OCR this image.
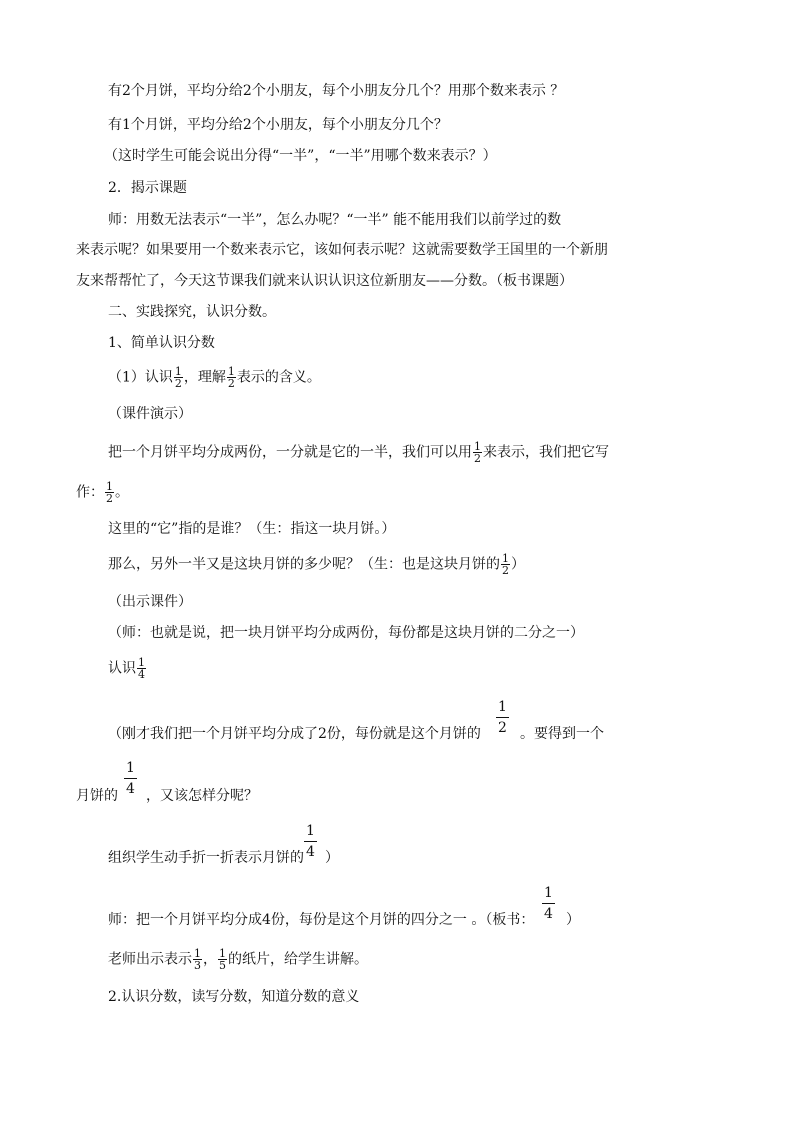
有2个月饼，平均分给2个小朋友，每个小朋友分几个？用那个数来表示 ？
有1个月饼，平均分给2个小朋友，每个小朋友分几个？
（这时学生可能会说出分得“一半”，“一半”用哪个数来表示？）
2．揭示课题
师：用数无法表示“一半”，怎么办呢？“一半” 能不能用我们以前学过的数
来表示呢？如果要用一个数来表示它，该如何表示呢？这就需要数学王国里的一个新朋
友来帮帮忙了，今天这节课我们就来认识认识这位新朋友——分数。（板书课题）
二、实践探究，认识分数。
1、简单认识分数
（1）认识 $\frac{1}{2}$ ，理解 $\frac{1}{2}$ 表示的含义。
（课件演示）
把一个月饼平均分成两份，一分就是它的一半，我们可以用 $\frac{1}{2}$ 来表示，我们把它写
作： $\frac{1}{2}$ 。
这里的“它”指的是谁？（生：指这一块月饼。）
那么，另外一半又是这块月饼的多少呢？（生：也是这块月饼的 $\frac{1}{2}$ ）
（出示课件）
（师：也就是说，把一块月饼平均分成两份，每份都是这块月饼的二分之一）
认识 $\frac{1}{4}$
（刚才我们把一个月饼平均分成了2份，每份就是这个月饼的
1
2 。要得到一个
月饼的
1
4 ，又该怎样分呢？
组织学生动手折一折表示月饼的
1
4 ）
师：把一个月饼平均分成4份，每份是这个月饼的四分之一 。（板书：
1
4 ）
老师出示表示 $\frac{1}{3}$ ， $\frac{1}{5}$ 的纸片，给学生讲解。
2.认识分数，读写分数，知道分数的意义
